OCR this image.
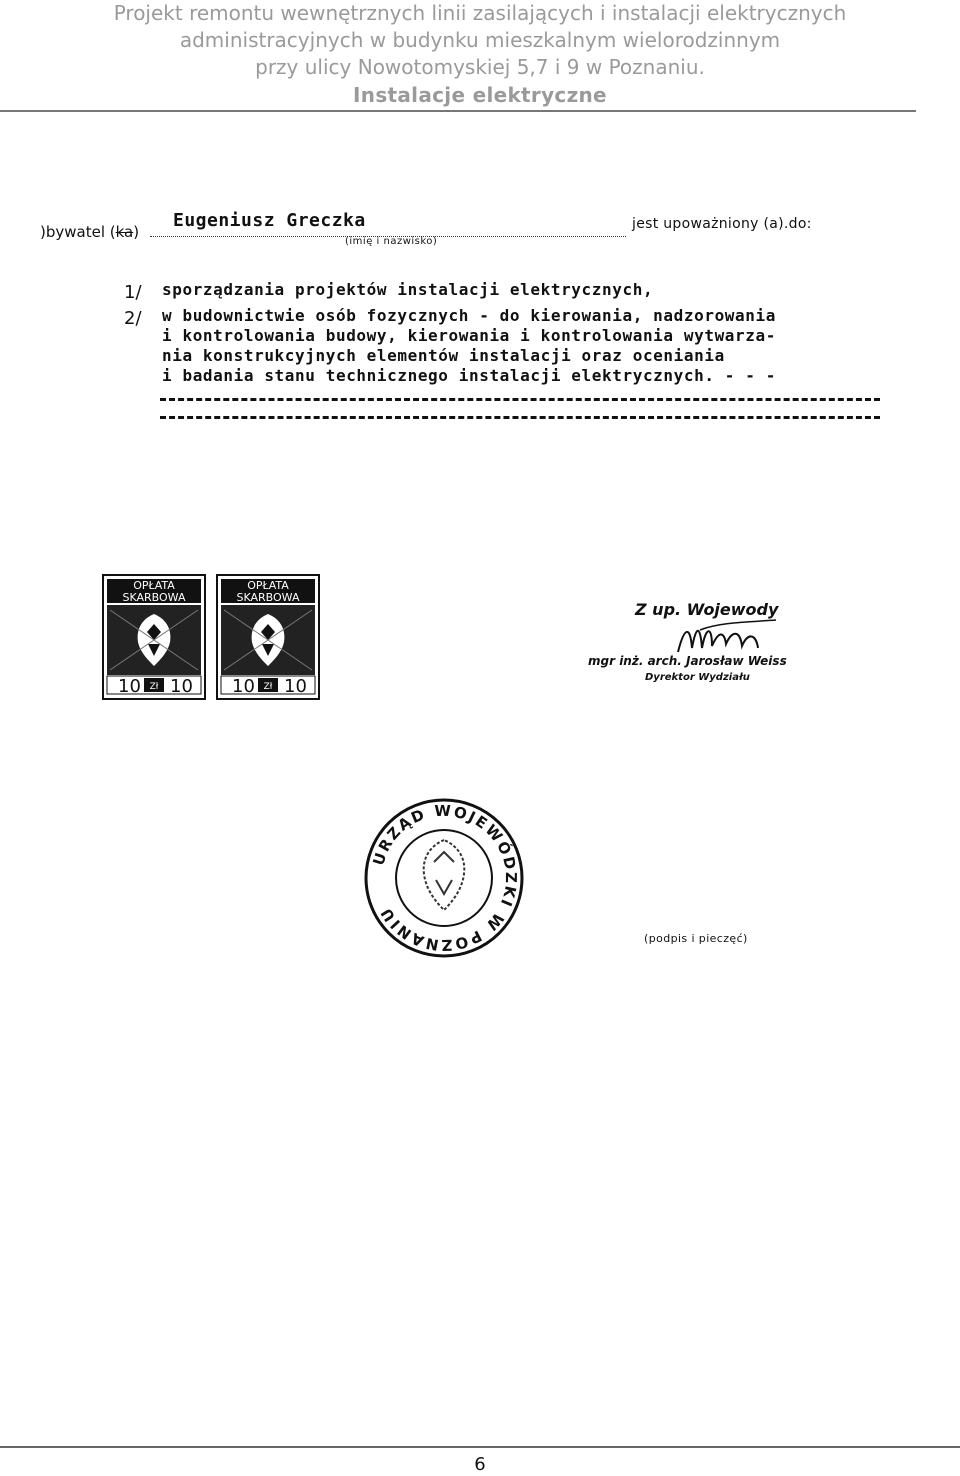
Projekt remontu wewnętrznych linii zasilających i instalacji elektrycznych
administracyjnych w budynku mieszkalnym wielorodzinnym
przy ulicy Nowotomyskiej 5,7 i 9 w Poznaniu.
Instalacje elektryczne
)bywatel (ka)
Eugeniusz Greczka
(imię i nazwisko)
jest upoważniony (a).do:
1/ sporządzania projektów instalacji elektrycznych,
2/ w budownictwie osób fozycznych - do kierowania, nadzorowania
i kontrolowania budowy, kierowania i kontrolowania wytwarza-
nia konstrukcyjnych elementów instalacji oraz oceniania
i badania stanu technicznego instalacji elektrycznych. - - -
OPŁATA
SKARBOWA
10 Zł 10
OPŁATA
SKARBOWA
10 Zł 10
Z up. Wojewody
mgr inż. arch. Jarosław Weiss
Dyrektor Wydziału
URZĄD WOJEWÓDZKI W POZNANIU
(podpis i pieczęć)
6
